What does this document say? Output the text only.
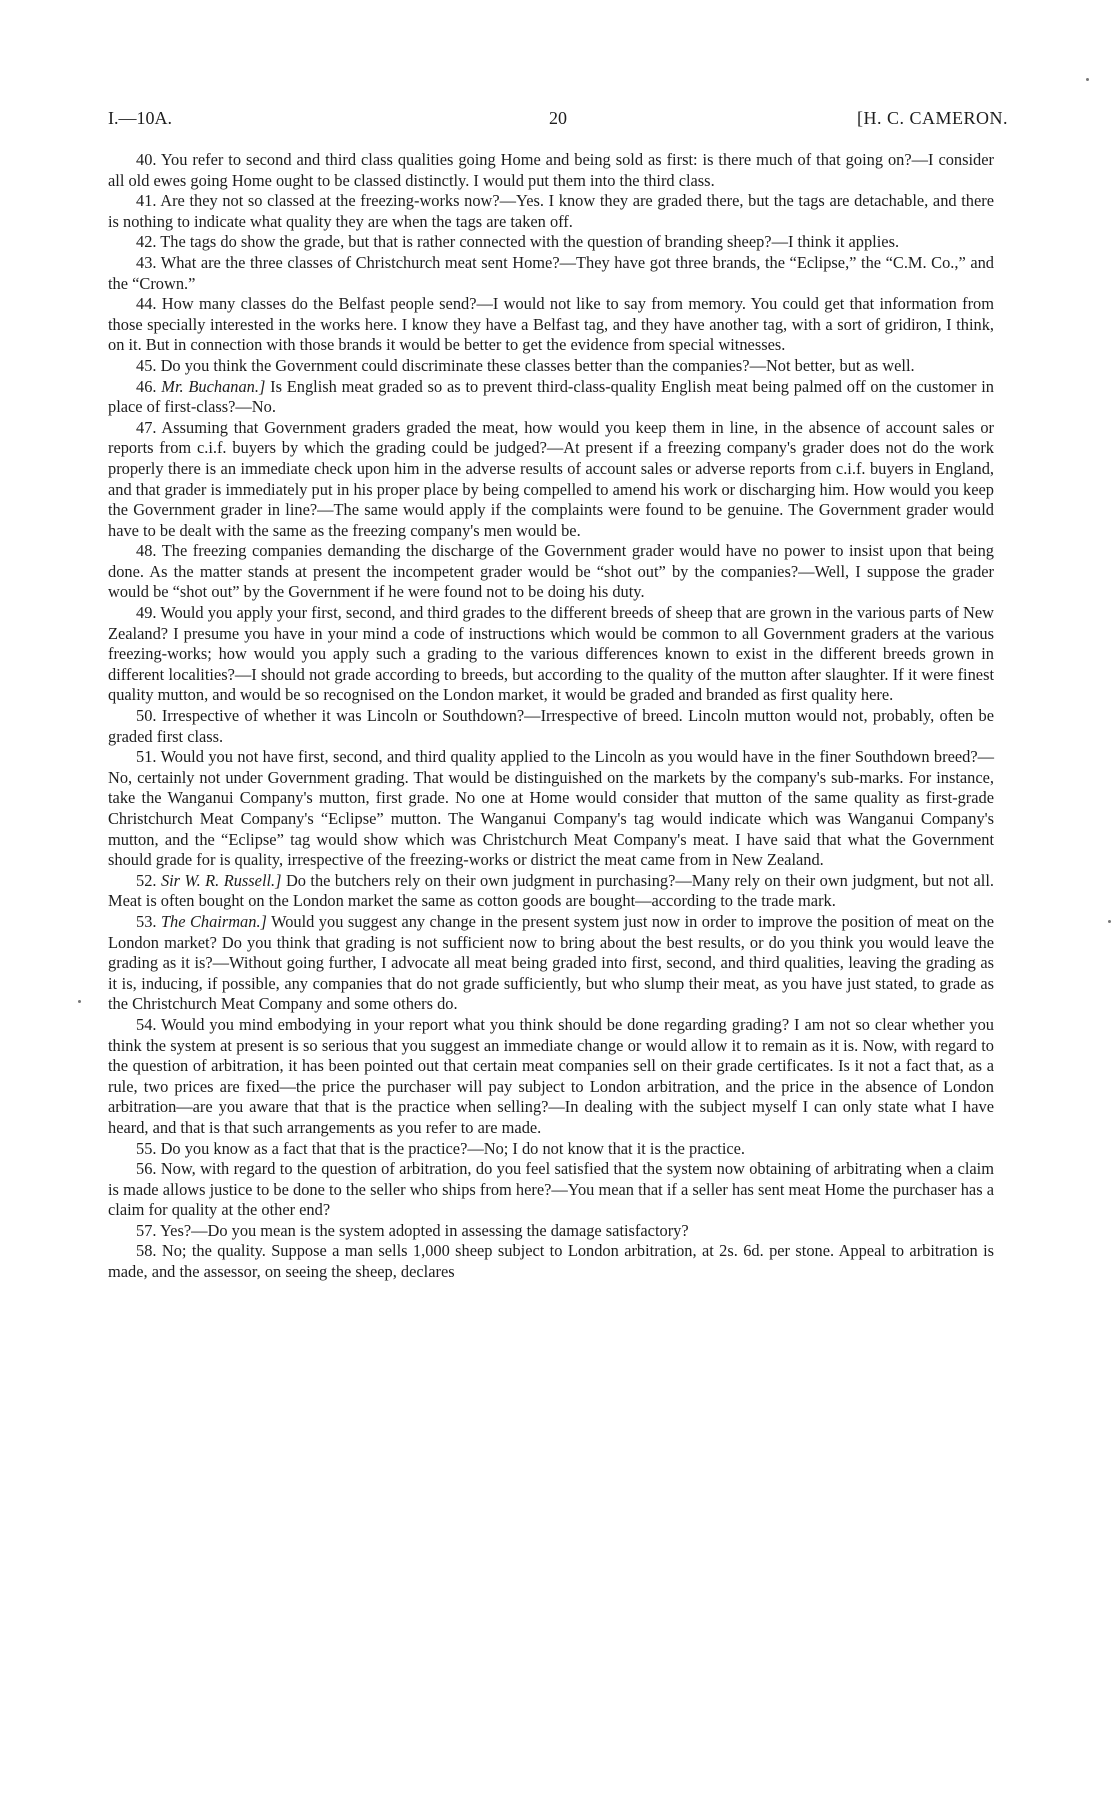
I.—10A.	20	[H. C. CAMERON.

40. You refer to second and third class qualities going Home and being sold as first: is there much of that going on?—I consider all old ewes going Home ought to be classed distinctly. I would put them into the third class.

41. Are they not so classed at the freezing-works now?—Yes. I know they are graded there, but the tags are detachable, and there is nothing to indicate what quality they are when the tags are taken off.

42. The tags do show the grade, but that is rather connected with the question of branding sheep?—I think it applies.

43. What are the three classes of Christchurch meat sent Home?—They have got three brands, the “Eclipse,” the “C.M. Co.,” and the “Crown.”

44. How many classes do the Belfast people send?—I would not like to say from memory. You could get that information from those specially interested in the works here. I know they have a Belfast tag, and they have another tag, with a sort of gridiron, I think, on it. But in connection with those brands it would be better to get the evidence from special witnesses.

45. Do you think the Government could discriminate these classes better than the companies?—Not better, but as well.

46. Mr. Buchanan.] Is English meat graded so as to prevent third-class-quality English meat being palmed off on the customer in place of first-class?—No.

47. Assuming that Government graders graded the meat, how would you keep them in line, in the absence of account sales or reports from c.i.f. buyers by which the grading could be judged?—At present if a freezing company's grader does not do the work properly there is an immediate check upon him in the adverse results of account sales or adverse reports from c.i.f. buyers in England, and that grader is immediately put in his proper place by being compelled to amend his work or discharging him. How would you keep the Government grader in line?—The same would apply if the complaints were found to be genuine. The Government grader would have to be dealt with the same as the freezing company's men would be.

48. The freezing companies demanding the discharge of the Government grader would have no power to insist upon that being done. As the matter stands at present the incompetent grader would be “shot out” by the companies?—Well, I suppose the grader would be “shot out” by the Government if he were found not to be doing his duty.

49. Would you apply your first, second, and third grades to the different breeds of sheep that are grown in the various parts of New Zealand? I presume you have in your mind a code of instructions which would be common to all Government graders at the various freezing-works; how would you apply such a grading to the various differences known to exist in the different breeds grown in different localities?—I should not grade according to breeds, but according to the quality of the mutton after slaughter. If it were finest quality mutton, and would be so recognised on the London market, it would be graded and branded as first quality here.

50. Irrespective of whether it was Lincoln or Southdown?—Irrespective of breed. Lincoln mutton would not, probably, often be graded first class.

51. Would you not have first, second, and third quality applied to the Lincoln as you would have in the finer Southdown breed?—No, certainly not under Government grading. That would be distinguished on the markets by the company's sub-marks. For instance, take the Wanganui Company's mutton, first grade. No one at Home would consider that mutton of the same quality as first-grade Christchurch Meat Company's “Eclipse” mutton. The Wanganui Company's tag would indicate which was Wanganui Company's mutton, and the “Eclipse” tag would show which was Christchurch Meat Company's meat. I have said that what the Government should grade for is quality, irrespective of the freezing-works or district the meat came from in New Zealand.

52. Sir W. R. Russell.] Do the butchers rely on their own judgment in purchasing?—Many rely on their own judgment, but not all. Meat is often bought on the London market the same as cotton goods are bought—according to the trade mark.

53. The Chairman.] Would you suggest any change in the present system just now in order to improve the position of meat on the London market? Do you think that grading is not sufficient now to bring about the best results, or do you think you would leave the grading as it is?—Without going further, I advocate all meat being graded into first, second, and third qualities, leaving the grading as it is, inducing, if possible, any companies that do not grade sufficiently, but who slump their meat, as you have just stated, to grade as the Christchurch Meat Company and some others do.

54. Would you mind embodying in your report what you think should be done regarding grading? I am not so clear whether you think the system at present is so serious that you suggest an immediate change or would allow it to remain as it is. Now, with regard to the question of arbitration, it has been pointed out that certain meat companies sell on their grade certificates. Is it not a fact that, as a rule, two prices are fixed—the price the purchaser will pay subject to London arbitration, and the price in the absence of London arbitration—are you aware that that is the practice when selling?—In dealing with the subject myself I can only state what I have heard, and that is that such arrangements as you refer to are made.

55. Do you know as a fact that that is the practice?—No; I do not know that it is the practice.

56. Now, with regard to the question of arbitration, do you feel satisfied that the system now obtaining of arbitrating when a claim is made allows justice to be done to the seller who ships from here?—You mean that if a seller has sent meat Home the purchaser has a claim for quality at the other end?

57. Yes?—Do you mean is the system adopted in assessing the damage satisfactory?

58. No; the quality. Suppose a man sells 1,000 sheep subject to London arbitration, at 2s. 6d. per stone. Appeal to arbitration is made, and the assessor, on seeing the sheep, declares
